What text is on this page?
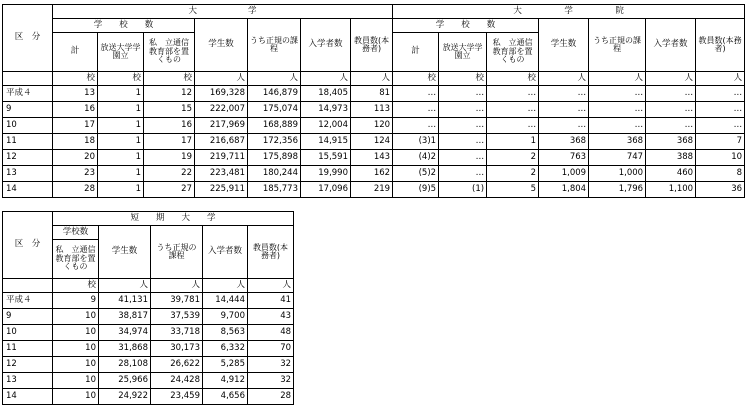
区　分	大　　　　　　学							大　　　　　学　　　　　院						
	学　　校　　数			学生数	うち正規の課程	入学者数	教員数(本務者)	学　　校　　数			学生数	うち正規の課程	入学者数	教員数(本務者)
	計	放送大学学園立	私　立通信教育部を置くもの					計	放送大学学園立	私　立通信教育部を置くもの				
	校	校	校	人	人	人	人	校	校	校	人	人	人	人
平成４	13	1	12	169,328	146,879	18,405	81	…	…	…	…	…	…	…
9	16	1	15	222,007	175,074	14,973	113	…	…	…	…	…	…	…
10	17	1	16	217,969	168,889	12,004	120	…	…	…	…	…	…	…
11	18	1	17	216,687	172,356	14,915	124	(3)1	…	1	368	368	368	7
12	20	1	19	219,711	175,898	15,591	143	(4)2	…	2	763	747	388	10
13	23	1	22	223,481	180,244	19,990	162	(5)2	…	2	1,009	1,000	460	8
14	28	1	27	225,911	185,773	17,096	219	(9)5	(1)	5	1,804	1,796	1,100	36
区　分	短　　期　　大　　学				
	学校数	学生数	うち正規の課程	入学者数	教員数(本務者)
	私　立通信教育部を置くもの				
	校	人	人	人	人
平成４	9	41,131	39,781	14,444	41
9	10	38,817	37,539	9,700	43
10	10	34,974	33,718	8,563	48
11	10	31,868	30,173	6,332	70
12	10	28,108	26,622	5,285	32
13	10	25,966	24,428	4,912	32
14	10	24,922	23,459	4,656	28
